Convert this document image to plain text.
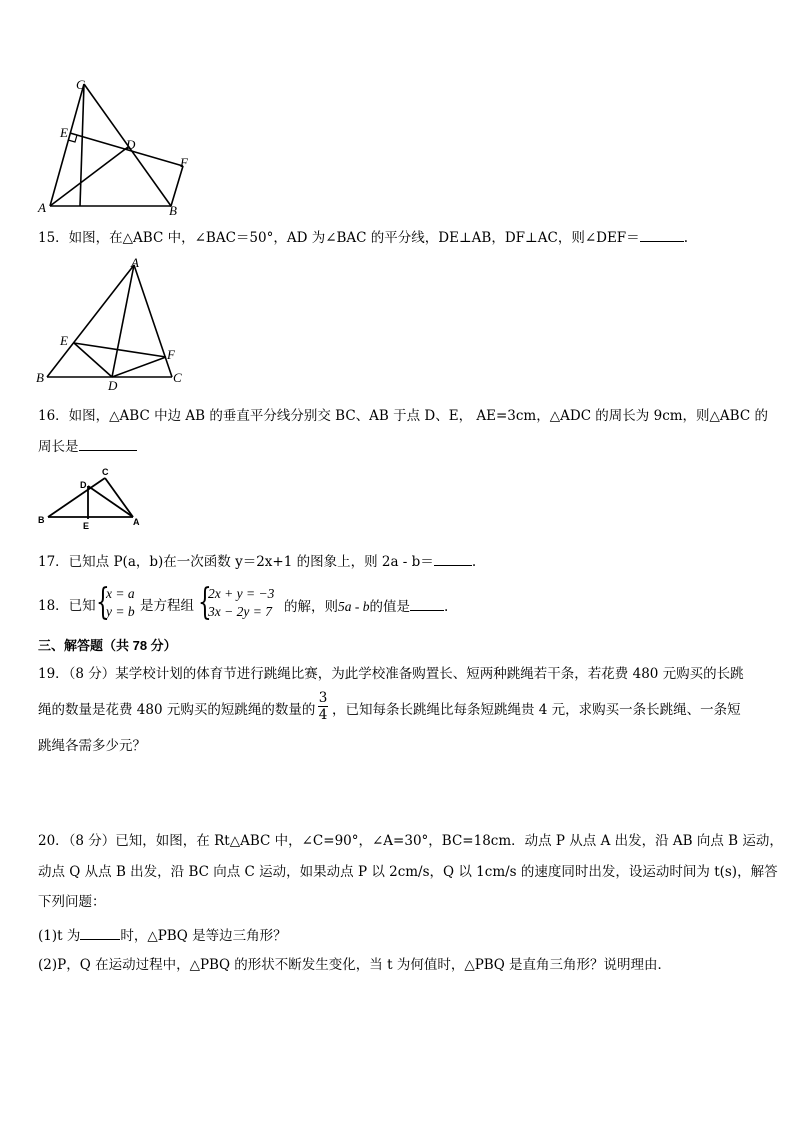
C
E
D
F
A	B
15．如图，在△ABC 中，∠BAC＝50°，AD 为∠BAC 的平分线，DE⊥AB，DF⊥AC，则∠DEF＝	.
A
E
F
B
D
C
16．如图，△ABC 中边 AB 的垂直平分线分别交 BC、AB 于点 D、E， AE=3cm，△ADC 的周长为 9cm，则△ABC 的
周长是
C
D
B
E	A
17．已知点 P(a，b)在一次函数 y＝2x+1 的图象上，则 2a - b＝	.
18．已知 {
x = a
y = b 是方程组 {
2x + y = −3
3x − 2y = 7 的解，则5a - b的值是	.
三、解答题（共 78 分）
19．（8 分）某学校计划的体育节进行跳绳比赛，为此学校准备购置长、短两种跳绳若干条，若花费 480 元购买的长跳
绳的数量是花费 480 元购买的短跳绳的数量的
3
4 ，已知每条长跳绳比每条短跳绳贵 4 元，求购买一条长跳绳、一条短
跳绳各需多少元？
20．（8 分）已知，如图，在 Rt△ABC 中，∠C=90°，∠A=30°，BC=18cm．动点 P 从点 A 出发，沿 AB 向点 B 运动，
动点 Q 从点 B 出发，沿 BC 向点 C 运动，如果动点 P 以 2cm/s，Q 以 1cm/s 的速度同时出发，设运动时间为 t(s)，解答
下列问题：
(1)t 为	时，△PBQ 是等边三角形？
(2)P，Q 在运动过程中，△PBQ 的形状不断发生变化，当 t 为何值时，△PBQ 是直角三角形？说明理由．
